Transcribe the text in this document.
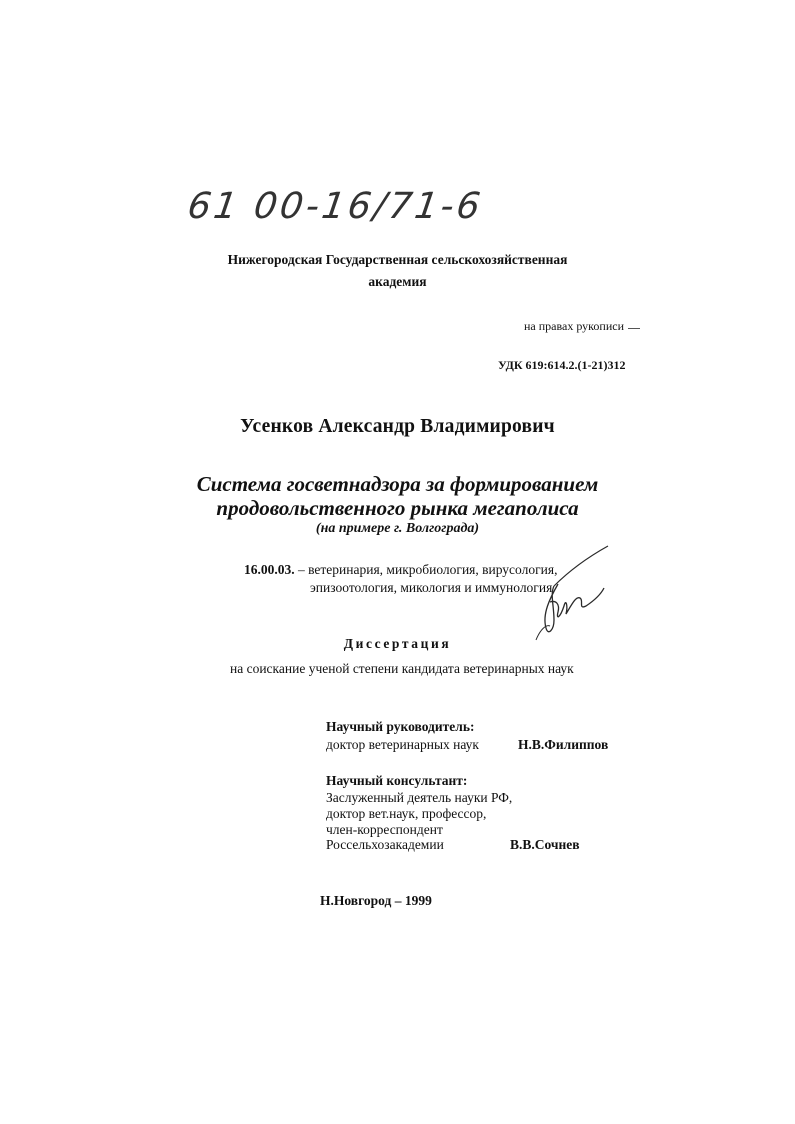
61 00-16/71-6
Нижегородская Государственная сельскохозяйственная
академия
на правах рукописи
УДК 619:614.2.(1-21)312
Усенков Александр Владимирович
Система госветнадзора за формированием
продовольственного рынка мегаполиса
(на примере г. Волгограда)
16.00.03. – ветеринария, микробиология, вирусология,
эпизоотология, микология и иммунология
Диссертация
на соискание ученой степени кандидата ветеринарных наук
Научный руководитель:
доктор ветеринарных наук	Н.В.Филиппов
Научный консультант:
Заслуженный деятель науки РФ,
доктор вет.наук, профессор,
член-корреспондент
Россельхозакадемии	В.В.Сочнев
Н.Новгород – 1999
